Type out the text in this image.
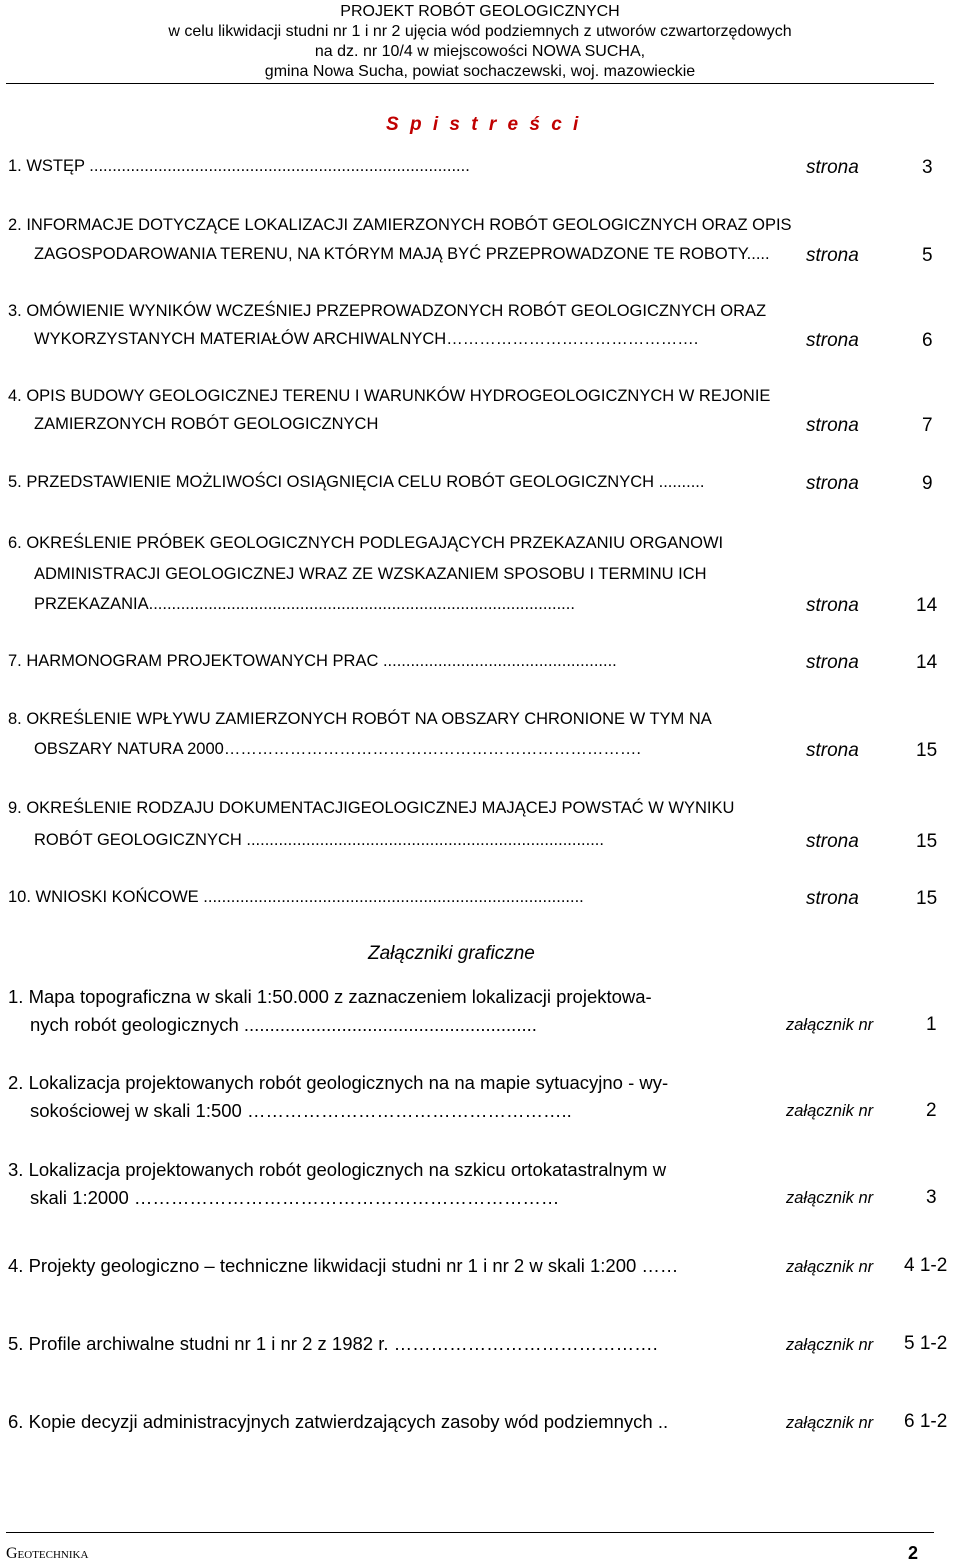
PROJEKT ROBÓT GEOLOGICZNYCH
w celu likwidacji studni nr 1 i nr 2 ujęcia wód podziemnych z utworów czwartorzędowych
na dz. nr 10/4 w miejscowości NOWA SUCHA,
gmina Nowa Sucha, powiat sochaczewski, woj. mazowieckie
S p i s t r e ś c i
1. WSTĘP ...................................................................................	strona	3
2. INFORMACJE DOTYCZĄCE LOKALIZACJI ZAMIERZONYCH ROBÓT GEOLOGICZNYCH ORAZ OPIS
ZAGOSPODAROWANIA TERENU, NA KTÓRYM MAJĄ BYĆ PRZEPROWADZONE TE ROBOTY..... strona	5
3. OMÓWIENIE WYNIKÓW WCZEŚNIEJ PRZEPROWADZONYCH ROBÓT GEOLOGICZNYCH ORAZ
WYKORZYSTANYCH MATERIAŁÓW ARCHIWALNYCH……………………………………….	strona	6
4. OPIS BUDOWY GEOLOGICZNEJ TERENU I WARUNKÓW HYDROGEOLOGICZNYCH W REJONIE
ZAMIERZONYCH ROBÓT GEOLOGICZNYCH	strona	7
5. PRZEDSTAWIENIE MOŻLIWOŚCI OSIĄGNIĘCIA CELU ROBÓT GEOLOGICZNYCH ..........	strona	9
6. OKREŚLENIE PRÓBEK GEOLOGICZNYCH PODLEGAJĄCYCH PRZEKAZANIU ORGANOWI
ADMINISTRACJI GEOLOGICZNEJ WRAZ ZE WZSKAZANIEM SPOSOBU I TERMINU ICH
PRZEKAZANIA.............................................................................................	strona	14
7. HARMONOGRAM PROJEKTOWANYCH PRAC ...................................................	strona	14
8. OKREŚLENIE WPŁYWU ZAMIERZONYCH ROBÓT NA OBSZARY CHRONIONE W TYM NA
OBSZARY NATURA 2000………………………………………………………………….	strona	15
9. OKREŚLENIE RODZAJU DOKUMENTACJIGEOLOGICZNEJ MAJĄCEJ POWSTAĆ W WYNIKU
ROBÓT GEOLOGICZNYCH ..............................................................................	strona	15
10. WNIOSKI KOŃCOWE ...................................................................................	strona	15
Załączniki graficzne
1. Mapa topograficzna w skali 1:50.000 z zaznaczeniem lokalizacji projektowa-
nych robót geologicznych .........................................................	załącznik nr	1
2. Lokalizacja projektowanych robót geologicznych na na mapie sytuacyjno - wy-
sokościowej w skali 1:500 ……………………………………………..	załącznik nr	2
3. Lokalizacja projektowanych robót geologicznych na szkicu ortokatastralnym w
skali 1:2000 ……………………………………………………………	załącznik nr	3
4. Projekty geologiczno – techniczne likwidacji studni nr 1 i nr 2 w skali 1:200 ……	załącznik nr 4 1-2
5. Profile archiwalne studni nr 1 i nr 2 z 1982 r. …………………………………….	załącznik nr 5 1-2
6. Kopie decyzji administracyjnych zatwierdzających zasoby wód podziemnych ..	załącznik nr 6 1-2
Geotechnika	2
